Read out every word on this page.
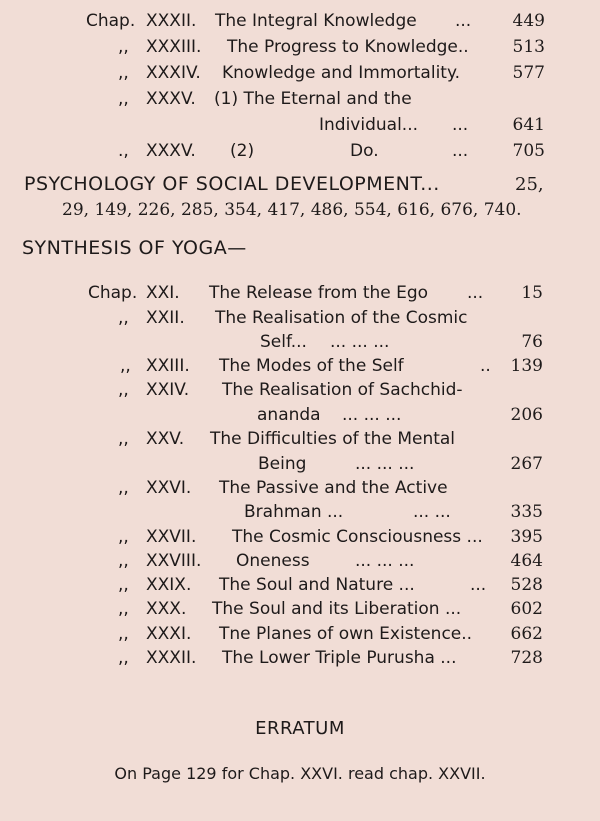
Chap. XXXII. The Integral Knowledge ...	449
,, XXXIII. The Progress to Knowledge..	513
,, XXXIV. Knowledge and Immortality.	577
,, XXXV. (1) The Eternal and the
Individual... ...	641
., XXXV. (2)	Do.	...	705
PSYCHOLOGY OF SOCIAL DEVELOPMENT...	25,
29, 149, 226, 285, 354, 417, 486, 554, 616, 676, 740.
SYNTHESIS OF YOGA—
Chap. XXI. The Release from the Ego ...	15
,, XXII. The Realisation of the Cosmic
Self... ... ... ...	76
,, XXIII. The Modes of the Self	..	139
,, XXIV. The Realisation of Sachchid-
ananda ... ... ...	206
,, XXV. The Difficulties of the Mental
Being	... ... ...	267
,, XXVI. The Passive and the Active
Brahman ...	... ...	335
,, XXVII. The Cosmic Consciousness ...	395
,, XXVIII. Oneness	... ... ...	464
,, XXIX. The Soul and Nature ...	...	528
,, XXX. The Soul and its Liberation ...	602
,, XXXI. Tne Planes of own Existence..	662
,, XXXII. The Lower Triple Purusha ...	728
ERRATUM
On Page 129 for Chap. XXVI. read chap. XXVII.
